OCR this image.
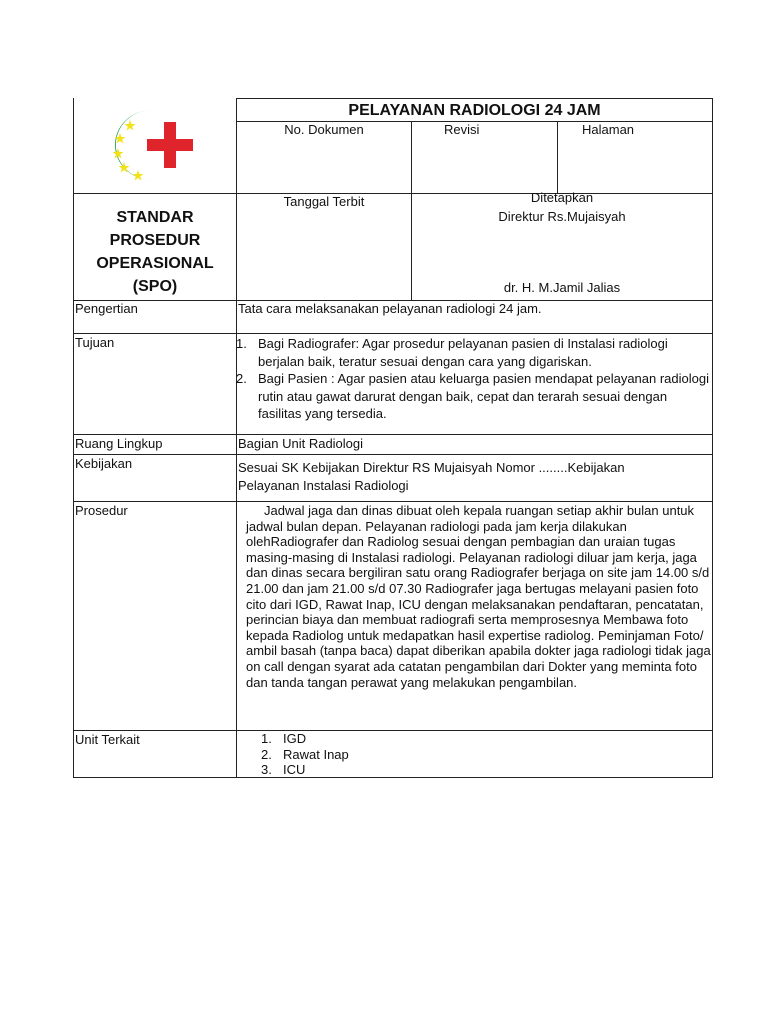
PELAYANAN RADIOLOGI 24 JAM
No. Dokumen	Revisi	Halaman
STANDAR
PROSEDUR
OPERASIONAL
(SPO)
Tanggal Terbit	Ditetapkan
Direktur Rs.Mujaisyah
dr. H. M.Jamil Jalias
Pengertian	Tata cara melaksanakan pelayanan radiologi 24 jam.
Tujuan	1. Bagi Radiografer: Agar prosedur pelayanan pasien di Instalasi radiologi berjalan baik, teratur sesuai dengan cara yang digariskan.
2. Bagi Pasien : Agar pasien atau keluarga pasien mendapat pelayanan radiologi rutin atau gawat darurat dengan baik, cepat dan terarah sesuai dengan fasilitas yang tersedia.
Ruang Lingkup	Bagian Unit Radiologi
Kebijakan	Sesuai SK Kebijakan Direktur RS Mujaisyah Nomor ........Kebijakan Pelayanan Instalasi Radiologi
Prosedur	Jadwal jaga dan dinas dibuat oleh kepala ruangan setiap akhir bulan untuk jadwal bulan depan. Pelayanan radiologi pada jam kerja dilakukan olehRadiografer dan Radiolog sesuai dengan pembagian dan uraian tugas masing-masing di Instalasi radiologi. Pelayanan radiologi diluar jam kerja, jaga dan dinas secara bergiliran satu orang Radiografer berjaga on site jam 14.00 s/d 21.00 dan jam 21.00 s/d 07.30 Radiografer jaga bertugas melayani pasien foto cito dari IGD, Rawat Inap, ICU dengan melaksanakan pendaftaran, pencatatan, perincian biaya dan membuat radiografi serta memprosesnya Membawa foto kepada Radiolog untuk medapatkan hasil expertise radiolog. Peminjaman Foto/ ambil basah (tanpa baca) dapat diberikan apabila dokter jaga radiologi tidak jaga on call dengan syarat ada catatan pengambilan dari Dokter yang meminta foto dan tanda tangan perawat yang melakukan pengambilan.
Unit Terkait	1. IGD
2. Rawat Inap
3. ICU
